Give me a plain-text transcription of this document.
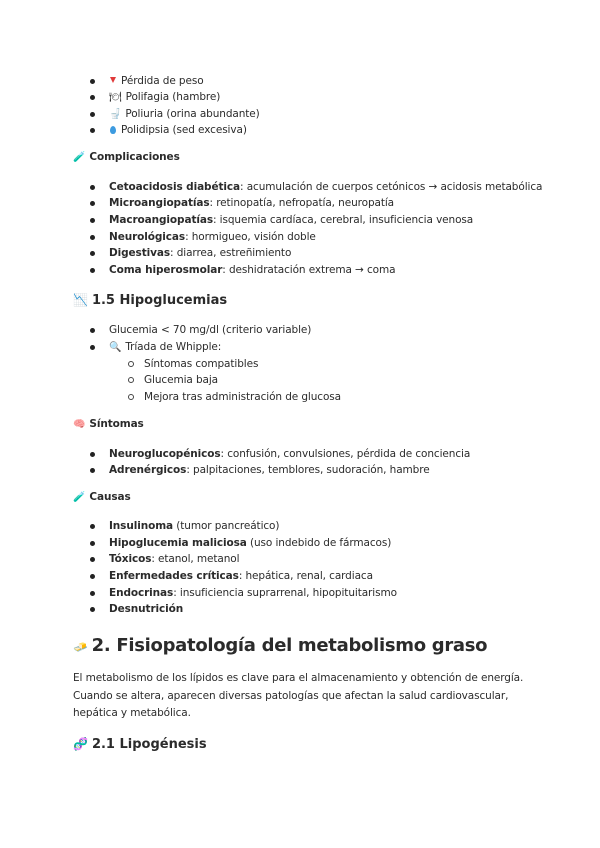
Pérdida de peso
🍽 Polifagia (hambre)
🚽 Poliuria (orina abundante)
Polidipsia (sed excesiva)
🧪 Complicaciones
Cetoacidosis diabética: acumulación de cuerpos cetónicos → acidosis metabólica
Microangiopatías: retinopatía, nefropatía, neuropatía
Macroangiopatías: isquemia cardíaca, cerebral, insuficiencia venosa
Neurológicas: hormigueo, visión doble
Digestivas: diarrea, estreñimiento
Coma hiperosmolar: deshidratación extrema → coma
📉 1.5 Hipoglucemias
Glucemia < 70 mg/dl (criterio variable)
🔍 Tríada de Whipple:
Síntomas compatibles
Glucemia baja
Mejora tras administración de glucosa
🧠 Síntomas
Neuroglucopénicos: confusión, convulsiones, pérdida de conciencia
Adrenérgicos: palpitaciones, temblores, sudoración, hambre
🧪 Causas
Insulinoma (tumor pancreático)
Hipoglucemia maliciosa (uso indebido de fármacos)
Tóxicos: etanol, metanol
Enfermedades críticas: hepática, renal, cardiaca
Endocrinas: insuficiencia suprarrenal, hipopituitarismo
Desnutrición
🧈 2. Fisiopatología del metabolismo graso

El metabolismo de los lípidos es clave para el almacenamiento y obtención de energía. Cuando se altera, aparecen diversas patologías que afectan la salud cardiovascular, hepática y metabólica.

🧬 2.1 Lipogénesis
